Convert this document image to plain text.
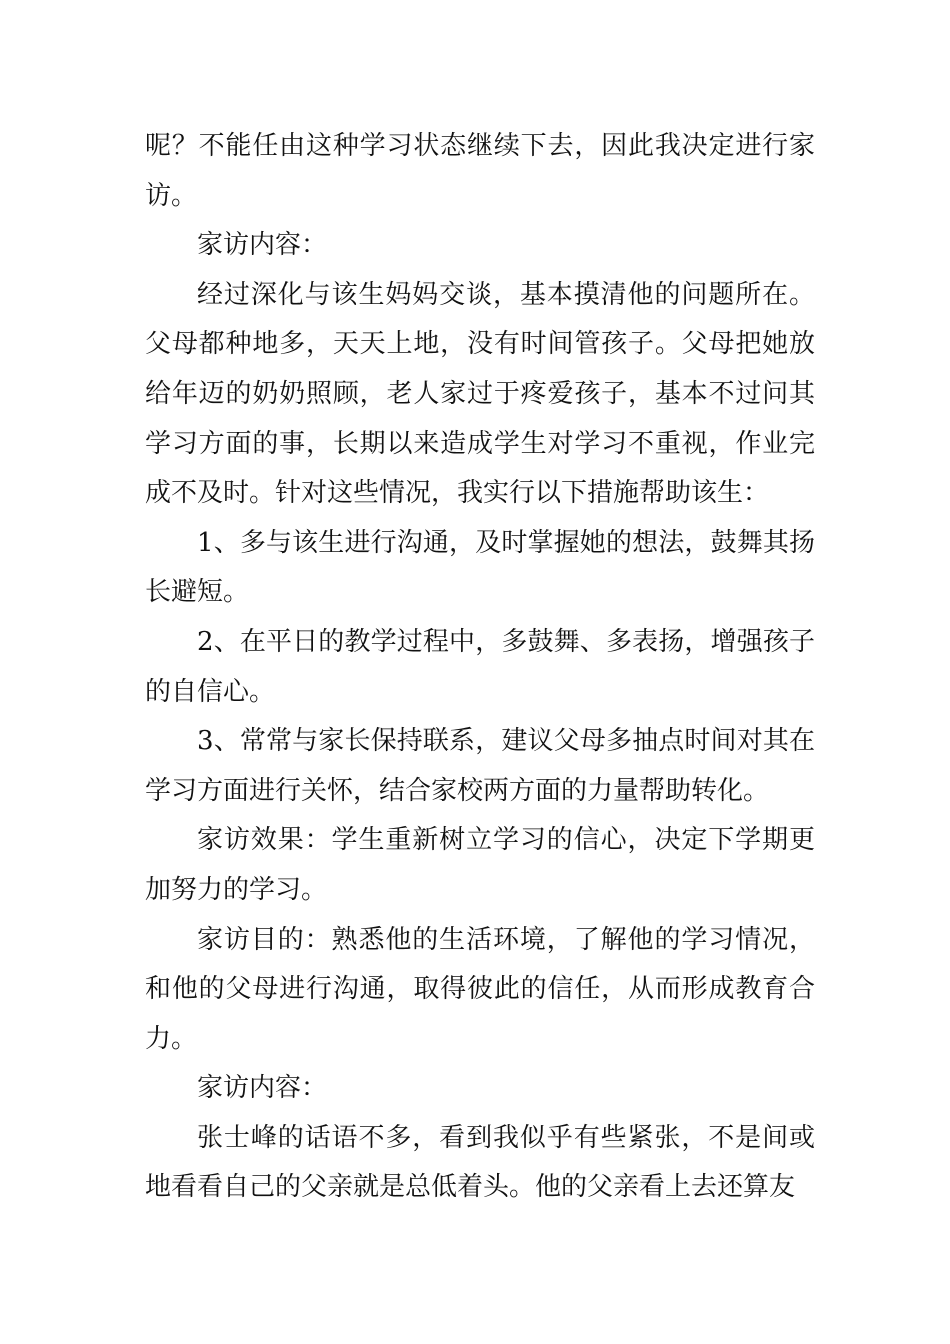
呢？不能任由这种学习状态继续下去，因此我决定进行家访。

家访内容：

经过深化与该生妈妈交谈，基本摸清他的问题所在。父母都种地多，天天上地，没有时间管孩子。父母把她放给年迈的奶奶照顾，老人家过于疼爱孩子，基本不过问其学习方面的事，长期以来造成学生对学习不重视，作业完成不及时。针对这些情况，我实行以下措施帮助该生：

1、多与该生进行沟通，及时掌握她的想法，鼓舞其扬长避短。

2、在平日的教学过程中，多鼓舞、多表扬，增强孩子的自信心。

3、常常与家长保持联系，建议父母多抽点时间对其在学习方面进行关怀，结合家校两方面的力量帮助转化。

家访效果：学生重新树立学习的信心，决定下学期更加努力的学习。

家访目的：熟悉他的生活环境，了解他的学习情况，和他的父母进行沟通，取得彼此的信任，从而形成教育合力。

家访内容：

张士峰的话语不多，看到我似乎有些紧张，不是间或地看看自己的父亲就是总低着头。他的父亲看上去还算友
